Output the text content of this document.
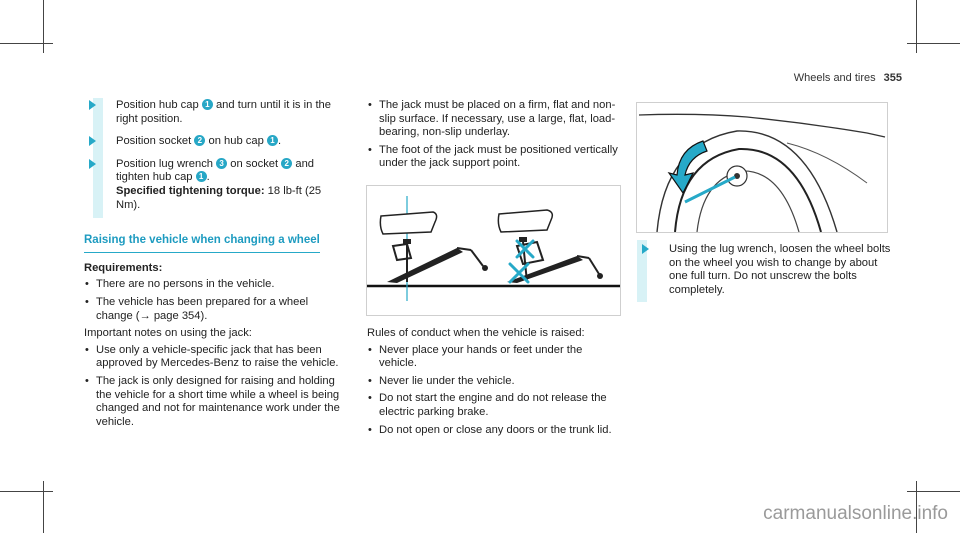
Wheels and tires 355
Position hub cap 1 and turn until it is in the right position.
Position socket 2 on hub cap 1 .
Position lug wrench 3 on socket 2 and tighten hub cap 1 .
Specified tightening torque: 18 lb-ft (25 Nm).
Raising the vehicle when changing a wheel
Requirements:
• There are no persons in the vehicle.
• The vehicle has been prepared for a wheel change (→ page 354).
Important notes on using the jack:
• Use only a vehicle-specific jack that has been approved by Mercedes-Benz to raise the vehicle.
• The jack is only designed for raising and holding the vehicle for a short time while a wheel is being changed and not for maintenance work under the vehicle.
• The jack must be placed on a firm, flat and non-slip surface. If necessary, use a large, flat, load-bearing, non-slip underlay.
• The foot of the jack must be positioned vertically under the jack support point.
Rules of conduct when the vehicle is raised:
• Never place your hands or feet under the vehicle.
• Never lie under the vehicle.
• Do not start the engine and do not release the electric parking brake.
• Do not open or close any doors or the trunk lid.
Using the lug wrench, loosen the wheel bolts on the wheel you wish to change by about one full turn. Do not unscrew the bolts completely.
carmanualsonline.info
